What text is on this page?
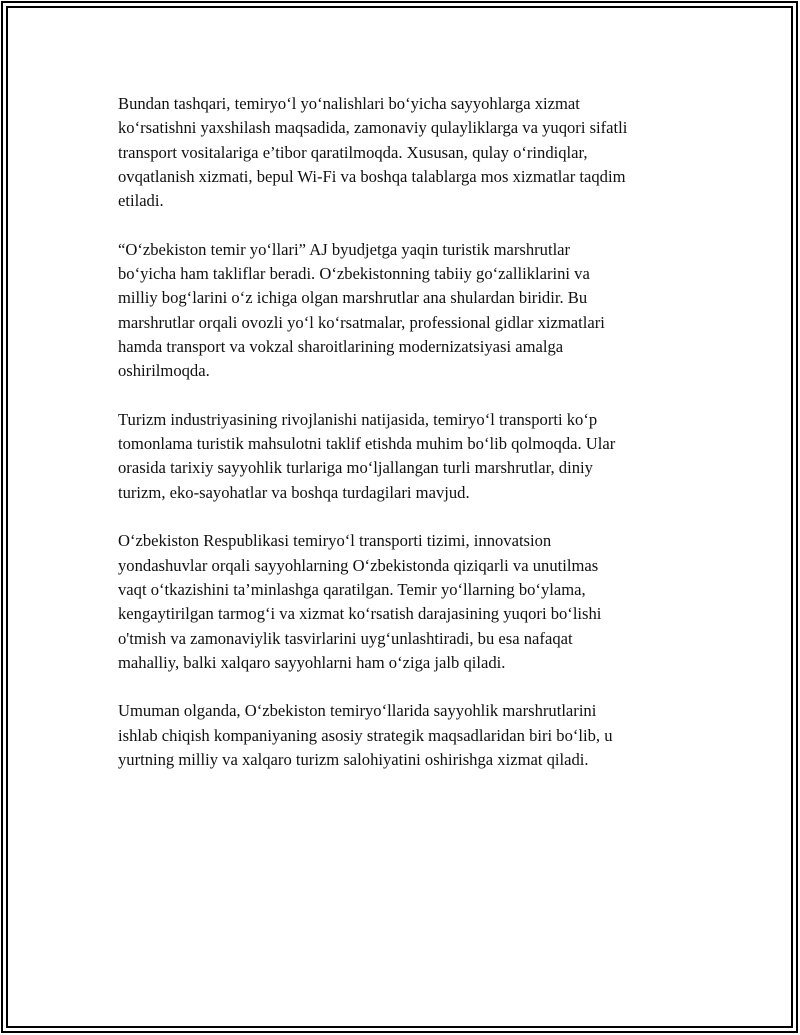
Bundan tashqari, temiryo‘l yo‘nalishlari bo‘yicha sayyohlarga xizmat
ko‘rsatishni yaxshilash maqsadida, zamonaviy qulayliklarga va yuqori sifatli
transport vositalariga e’tibor qaratilmoqda. Xususan, qulay o‘rindiqlar,
ovqatlanish xizmati, bepul Wi-Fi va boshqa talablarga mos xizmatlar taqdim
etiladi.

“O‘zbekiston temir yo‘llari” AJ byudjetga yaqin turistik marshrutlar
bo‘yicha ham takliflar beradi. O‘zbekistonning tabiiy go‘zalliklarini va
milliy bog‘larini o‘z ichiga olgan marshrutlar ana shulardan biridir. Bu
marshrutlar orqali ovozli yo‘l ko‘rsatmalar, professional gidlar xizmatlari
hamda transport va vokzal sharoitlarining modernizatsiyasi amalga
oshirilmoqda.

Turizm industriyasining rivojlanishi natijasida, temiryo‘l transporti ko‘p
tomonlama turistik mahsulotni taklif etishda muhim bo‘lib qolmoqda. Ular
orasida tarixiy sayyohlik turlariga mo‘ljallangan turli marshrutlar, diniy
turizm, eko-sayohatlar va boshqa turdagilari mavjud.

O‘zbekiston Respublikasi temiryo‘l transporti tizimi, innovatsion
yondashuvlar orqali sayyohlarning O‘zbekistonda qiziqarli va unutilmas
vaqt o‘tkazishini ta’minlashga qaratilgan. Temir yo‘llarning bo‘ylama,
kengaytirilgan tarmog‘i va xizmat ko‘rsatish darajasining yuqori bo‘lishi
o'tmish va zamonaviylik tasvirlarini uyg‘unlashtiradi, bu esa nafaqat
mahalliy, balki xalqaro sayyohlarni ham o‘ziga jalb qiladi.

Umuman olganda, O‘zbekiston temiryo‘llarida sayyohlik marshrutlarini
ishlab chiqish kompaniyaning asosiy strategik maqsadlaridan biri bo‘lib, u
yurtning milliy va xalqaro turizm salohiyatini oshirishga xizmat qiladi.
